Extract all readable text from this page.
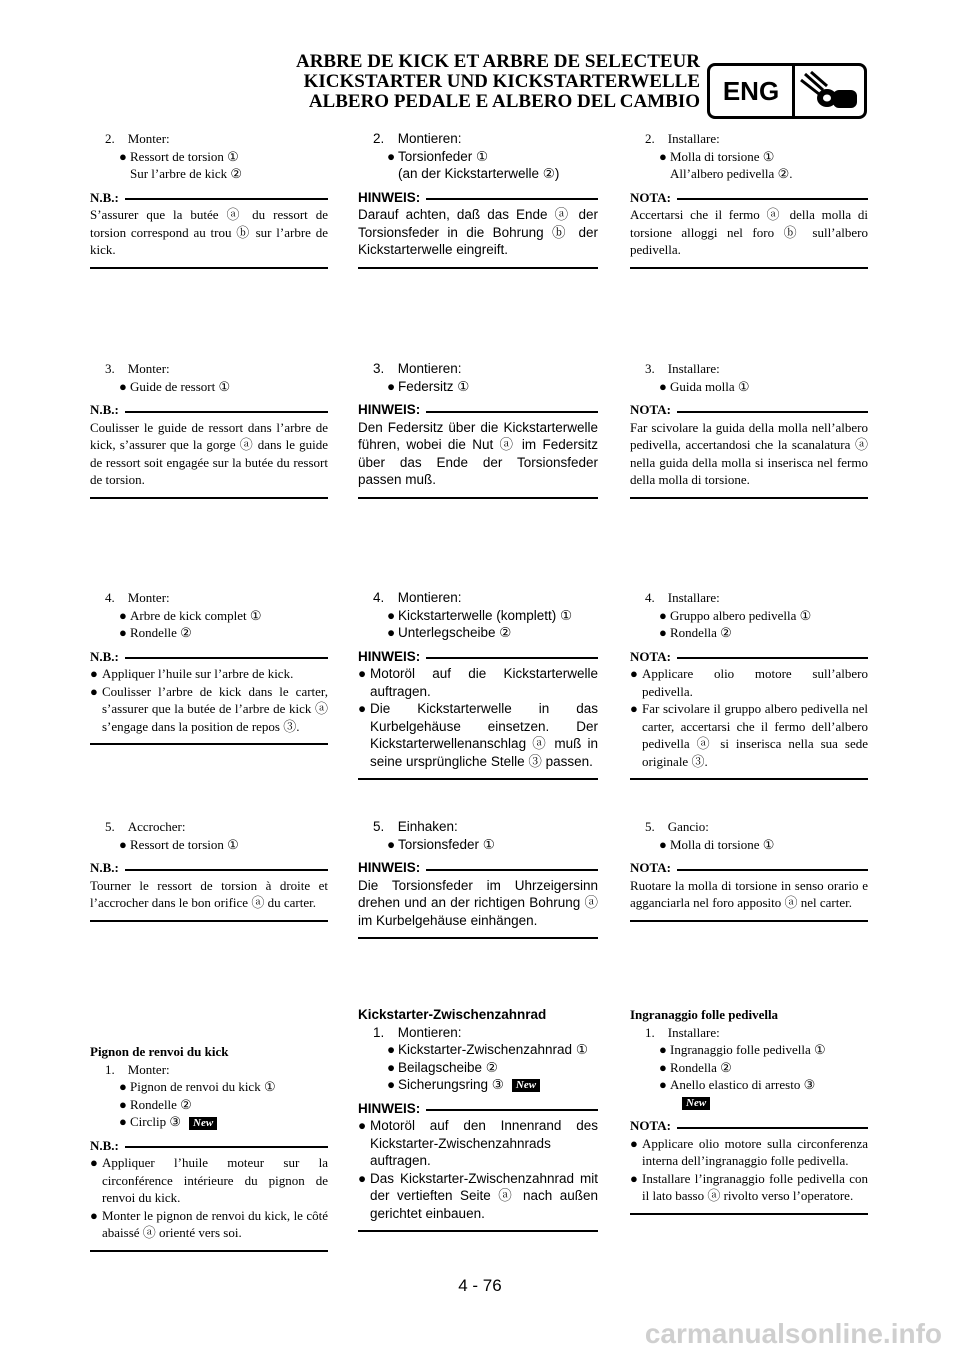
ARBRE DE KICK ET ARBRE DE SELECTEUR
KICKSTARTER UND KICKSTARTERWELLE
ALBERO PEDALE E ALBERO DEL CAMBIO ENG
2. Monter:
● Ressort de torsion ①
Sur l’arbre de kick ②
N.B.:
S’assurer que la butée ⓐ du ressort de torsion correspond au trou ⓑ sur l’arbre de kick.
3. Monter:
● Guide de ressort ①
N.B.:
Coulisser le guide de ressort dans l’arbre de kick, s’assurer que la gorge ⓐ dans le guide de ressort soit engagée sur la butée du ressort de torsion.
4. Monter:
● Arbre de kick complet ①
● Rondelle ②
N.B.:
● Appliquer l’huile sur l’arbre de kick.
● Coulisser l’arbre de kick dans le carter, s’assurer que la butée de l’arbre de kick ⓐ s’engage dans la position de repos ③.
5. Accrocher:
● Ressort de torsion ①
N.B.:
Tourner le ressort de torsion à droite et l’accrocher dans le bon orifice ⓐ du carter.
Pignon de renvoi du kick
1. Monter:
● Pignon de renvoi du kick ①
● Rondelle ②
● Circlip ③ New
N.B.:
● Appliquer l’huile moteur sur la circonférence intérieure du pignon de renvoi du kick.
● Monter le pignon de renvoi du kick, le côté abaissé ⓐ orienté vers soi.
2. Montieren:
● Torsionfeder ①
(an der Kickstarterwelle ②)
HINWEIS:
Darauf achten, daß das Ende ⓐ der Torsionsfeder in die Bohrung ⓑ der Kickstarterwelle eingreift.
3. Montieren:
● Federsitz ①
HINWEIS:
Den Federsitz über die Kickstarterwelle führen, wobei die Nut ⓐ im Federsitz über das Ende der Torsionsfeder passen muß.
4. Montieren:
● Kickstarterwelle (komplett) ①
● Unterlegscheibe ②
HINWEIS:
● Motoröl auf die Kickstarterwelle auftragen.
● Die Kickstarterwelle in das Kurbelgehäuse einsetzen. Der Kickstarterwellenanschlag ⓐ muß in seine ursprüngliche Stelle ③ passen.
5. Einhaken:
● Torsionsfeder ①
HINWEIS:
Die Torsionsfeder im Uhrzeigersinn drehen und an der richtigen Bohrung ⓐ im Kurbelgehäuse einhängen.
Kickstarter-Zwischenzahnrad
1. Montieren:
● Kickstarter-Zwischenzahnrad ①
● Beilagscheibe ②
● Sicherungsring ③ New
HINWEIS:
● Motoröl auf den Innenrand des Kickstarter-Zwischenzahnrads auftragen.
● Das Kickstarter-Zwischenzahnrad mit der vertieften Seite ⓐ nach außen gerichtet einbauen.
2. Installare:
● Molla di torsione ①
All’albero pedivella ②.
NOTA:
Accertarsi che il fermo ⓐ della molla di torsione alloggi nel foro ⓑ sull’albero pedivella.
3. Installare:
● Guida molla ①
NOTA:
Far scivolare la guida della molla nell’albero pedivella, accertandosi che la scanalatura ⓐ nella guida della molla si inserisca nel fermo della molla di torsione.
4. Installare:
● Gruppo albero pedivella ①
● Rondella ②
NOTA:
● Applicare olio motore sull’albero pedivella.
● Far scivolare il gruppo albero pedivella nel carter, accertarsi che il fermo dell’albero pedivella ⓐ si inserisca nella sua sede originale ③.
5. Gancio:
● Molla di torsione ①
NOTA:
Ruotare la molla di torsione in senso orario e agganciarla nel foro apposito ⓐ nel carter.
Ingranaggio folle pedivella
1. Installare:
● Ingranaggio folle pedivella ①
● Rondella ②
● Anello elastico di arresto ③
New
NOTA:
● Applicare olio motore sulla circonferenza interna dell’ingranaggio folle pedivella.
● Installare l’ingranaggio folle pedivella con il lato basso ⓐ rivolto verso l’operatore.
4 - 76
carmanualsonline.info
